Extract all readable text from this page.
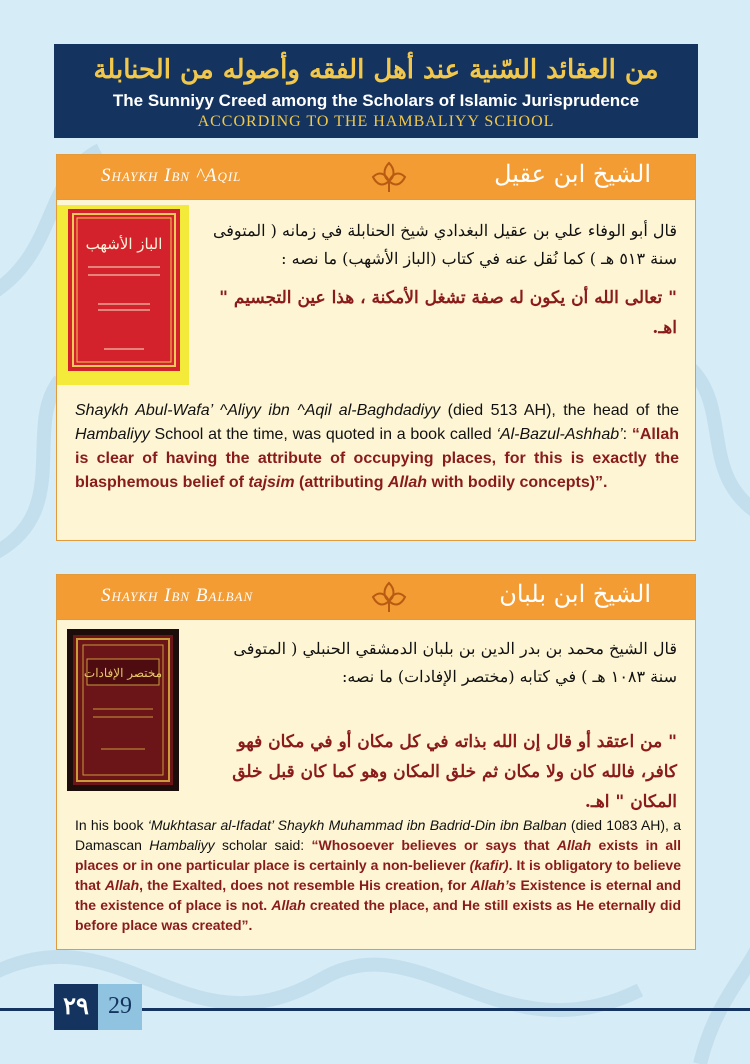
من العقائد السّنية عند أهل الفقه وأصوله من الحنابلة
The Sunniyy Creed among the Scholars of Islamic Jurisprudence
ACCORDING TO THE HAMBALIYY SCHOOL
Shaykh Ibn ^Aqil	الشيخ ابن عقيل
الباز الأشهب
قال أبو الوفاء علي بن عقيل البغدادي شيخ الحنابلة في زمانه ( المتوفى سنة ٥١٣ هـ ) كما نُقل عنه في كتاب (الباز الأشهب) ما نصه :
" تعالى الله أن يكون له صفة تشغل الأمكنة ، هذا عين التجسيم " اهـ.
Shaykh Abul-Wafa’ ^Aliyy ibn ^Aqil al-Baghdadiyy (died 513 AH), the head of the Hambaliyy School at the time, was quoted in a book called ‘Al-Bazul-Ashhab’: “Allah is clear of having the attribute of occupying places, for this is exactly the blasphemous belief of tajsim (attributing Allah with bodily concepts)”.
Shaykh Ibn Balban	الشيخ ابن بلبان
مختصر الإفادات
قال الشيخ محمد بن بدر الدين بن بلبان الدمشقي الحنبلي ( المتوفى سنة ١٠٨٣ هـ ) في كتابه (مختصر الإفادات) ما نصه:
" من اعتقد أو قال إن الله بذاته في كل مكان أو في مكان فهو كافر، فالله كان ولا مكان ثم خلق المكان وهو كما كان قبل خلق المكان " اهـ.
In his book ‘Mukhtasar al-Ifadat’ Shaykh Muhammad ibn Badrid-Din ibn Balban (died 1083 AH), a Damascan Hambaliyy scholar said: “Whosoever believes or says that Allah exists in all places or in one particular place is certainly a non-believer (kafir). It is obligatory to believe that Allah, the Exalted, does not resemble His creation, for Allah’s Existence is eternal and the existence of place is not. Allah created the place, and He still exists as He eternally did before place was created”.
٢٩ 29
